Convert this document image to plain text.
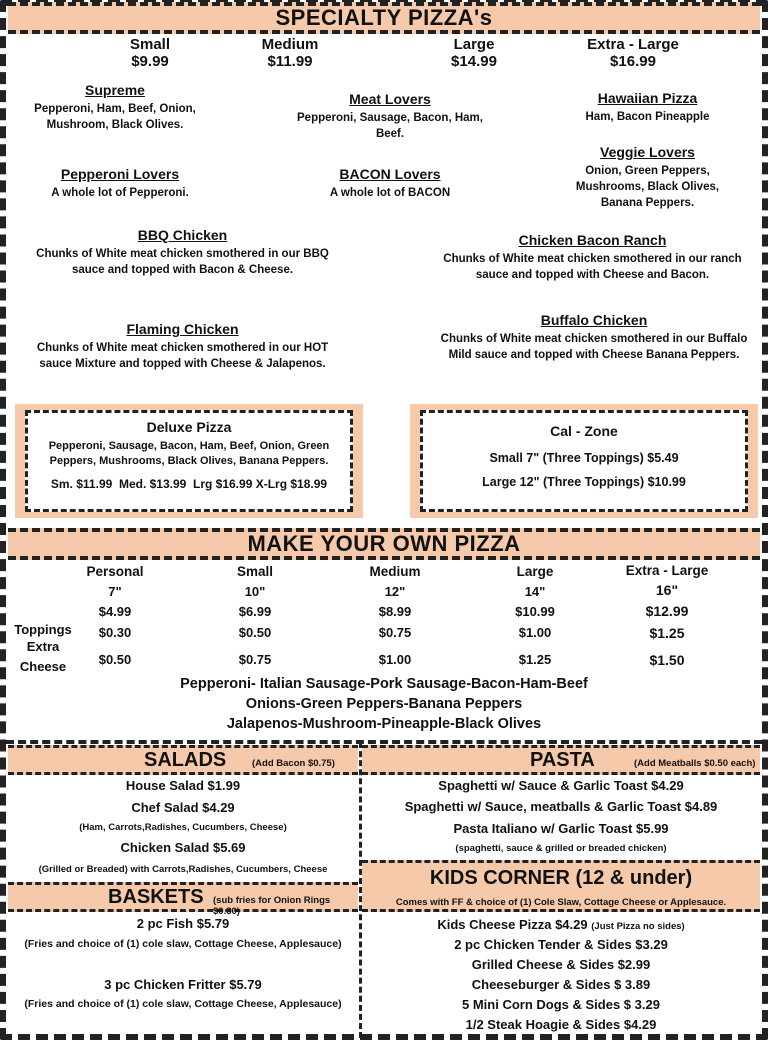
SPECIALTY PIZZA's
Small
$9.99
Medium
$11.99
Large
$14.99
Extra - Large
$16.99
Supreme
Pepperoni, Ham, Beef, Onion, Mushroom, Black Olives.
Meat Lovers
Pepperoni, Sausage, Bacon, Ham, Beef.
Hawaiian Pizza
Ham, Bacon Pineapple
Pepperoni Lovers
A whole lot of Pepperoni.
BACON Lovers
A whole lot of BACON
Veggie Lovers
Onion, Green Peppers, Mushrooms, Black Olives, Banana Peppers.
BBQ Chicken
Chunks of White meat chicken smothered in our BBQ sauce and topped with Bacon & Cheese.
Chicken Bacon Ranch
Chunks of White meat chicken smothered in our ranch sauce and topped with Cheese and Bacon.
Flaming Chicken
Chunks of White meat chicken smothered in our HOT sauce Mixture and topped with Cheese & Jalapenos.
Buffalo Chicken
Chunks of White meat chicken smothered in our Buffalo Mild sauce and topped with Cheese Banana Peppers.
Deluxe Pizza
Pepperoni, Sausage, Bacon, Ham, Beef, Onion, Green Peppers, Mushrooms, Black Olives, Banana Peppers.
Sm. $11.99  Med. $13.99  Lrg $16.99 X-Lrg $18.99
Cal - Zone
Small 7" (Three Toppings) $5.49
Large 12" (Three Toppings) $10.99
MAKE YOUR OWN PIZZA
Personal
7"
$4.99
$0.30
$0.50
Small
10"
$6.99
$0.50
$0.75
Medium
12"
$8.99
$0.75
$1.00
Large
14"
$10.99
$1.00
$1.25
Extra - Large
16"
$12.99
$1.25
$1.50
Toppings
Extra
Cheese
Pepperoni- Italian Sausage-Pork Sausage-Bacon-Ham-Beef
Onions-Green Peppers-Banana Peppers
Jalapenos-Mushroom-Pineapple-Black Olives
SALADS	(Add Bacon $0.75)
House Salad $1.99
Chef Salad $4.29
(Ham, Carrots,Radishes, Cucumbers, Cheese)
Chicken Salad $5.69
(Grilled or Breaded) with Carrots,Radishes, Cucumbers, Cheese
PASTA	(Add Meatballs $0.50 each)
Spaghetti w/ Sauce & Garlic Toast $4.29
Spaghetti w/ Sauce, meatballs & Garlic Toast $4.89
Pasta Italiano w/ Garlic Toast $5.99
(spaghetti, sauce & grilled or breaded chicken)
BASKETS (sub fries for Onion Rings $0.30)
2 pc Fish $5.79
(Fries and choice of (1) cole slaw, Cottage Cheese, Applesauce)
3 pc Chicken Fritter $5.79
(Fries and choice of (1) cole slaw, Cottage Cheese, Applesauce)
KIDS CORNER (12 & under)
Comes with FF & choice of (1) Cole Slaw, Cottage Cheese or Applesauce.
Kids Cheese Pizza $4.29 (Just Pizza no sides)
2 pc Chicken Tender & Sides $3.29
Grilled Cheese & Sides $2.99
Cheeseburger & Sides $ 3.89
5 Mini Corn Dogs & Sides $ 3.29
1/2 Steak Hoagie & Sides $4.29
